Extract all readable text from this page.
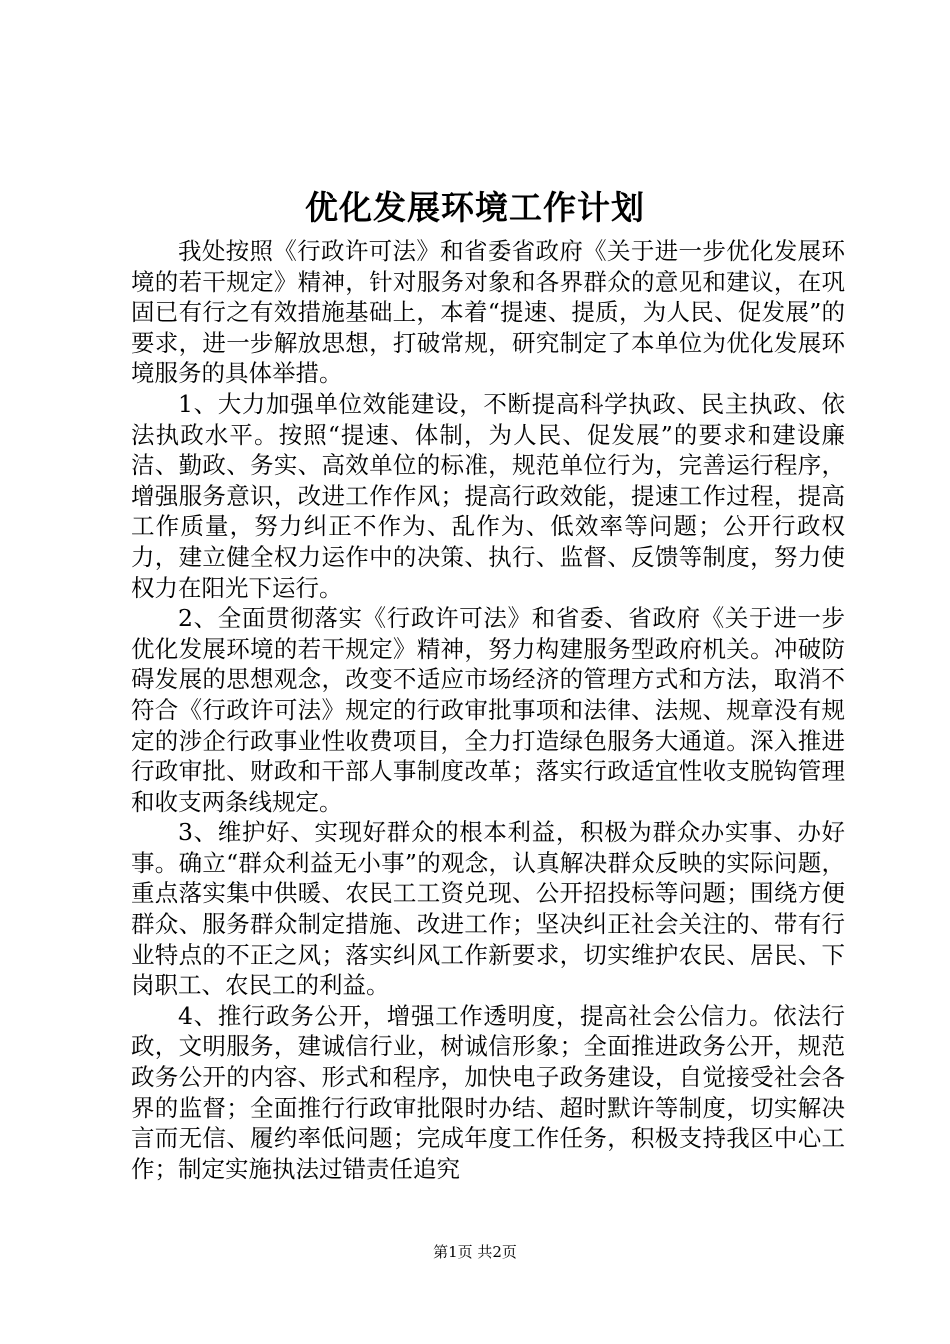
优化发展环境工作计划

我处按照《行政许可法》和省委省政府《关于进一步优化发展环境的若干规定》精神，针对服务对象和各界群众的意见和建议，在巩固已有行之有效措施基础上，本着“提速、提质，为人民、促发展”的要求，进一步解放思想，打破常规，研究制定了本单位为优化发展环境服务的具体举措。

1、大力加强单位效能建设，不断提高科学执政、民主执政、依法执政水平。按照“提速、体制，为人民、促发展”的要求和建设廉洁、勤政、务实、高效单位的标准，规范单位行为，完善运行程序，增强服务意识，改进工作作风；提高行政效能，提速工作过程，提高工作质量，努力纠正不作为、乱作为、低效率等问题；公开行政权力，建立健全权力运作中的决策、执行、监督、反馈等制度，努力使权力在阳光下运行。

2、全面贯彻落实《行政许可法》和省委、省政府《关于进一步优化发展环境的若干规定》精神，努力构建服务型政府机关。冲破防碍发展的思想观念，改变不适应市场经济的管理方式和方法，取消不符合《行政许可法》规定的行政审批事项和法律、法规、规章没有规定的涉企行政事业性收费项目，全力打造绿色服务大通道。深入推进行政审批、财政和干部人事制度改革；落实行政适宜性收支脱钩管理和收支两条线规定。

3、维护好、实现好群众的根本利益，积极为群众办实事、办好事。确立“群众利益无小事”的观念，认真解决群众反映的实际问题，重点落实集中供暖、农民工工资兑现、公开招投标等问题；围绕方便群众、服务群众制定措施、改进工作；坚决纠正社会关注的、带有行业特点的不正之风；落实纠风工作新要求，切实维护农民、居民、下岗职工、农民工的利益。

4、推行政务公开，增强工作透明度，提高社会公信力。依法行政，文明服务，建诚信行业，树诚信形象；全面推进政务公开，规范政务公开的内容、形式和程序，加快电子政务建设，自觉接受社会各界的监督；全面推行行政审批限时办结、超时默许等制度，切实解决言而无信、履约率低问题；完成年度工作任务，积极支持我区中心工作；制定实施执法过错责任追究

第1页 共2页
